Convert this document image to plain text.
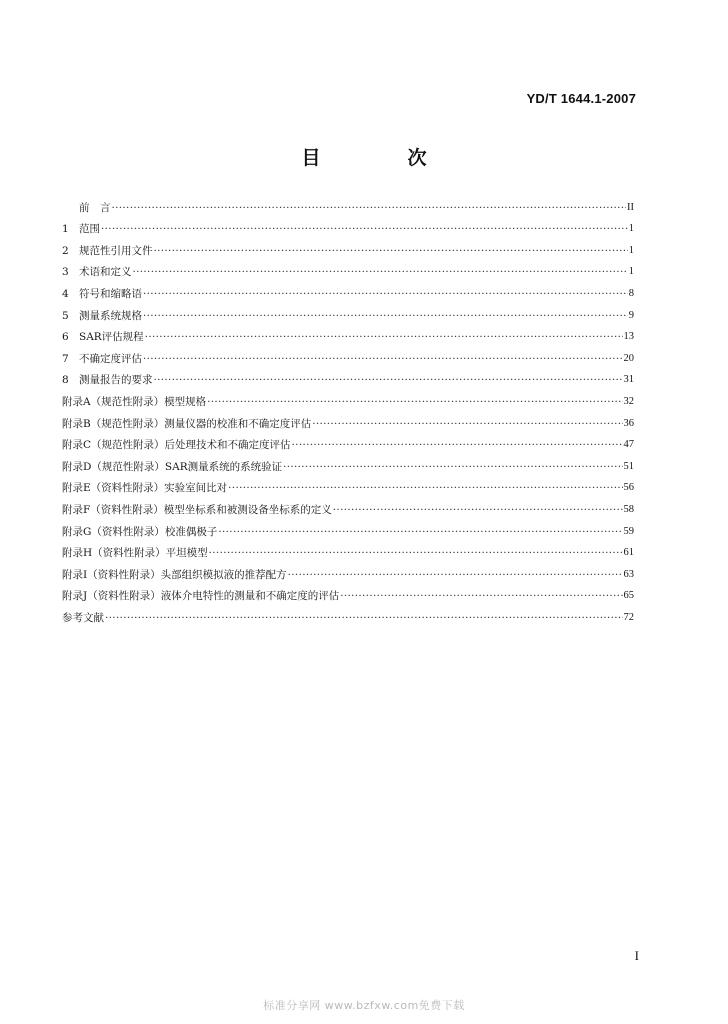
YD/T 1644.1-2007
目　次
前　言 ·····	II
1 范围 ·····	1
2 规范性引用文件 ·····	1
3 术语和定义 ·····	1
4 符号和缩略语 ·····	8
5 测量系统规格 ·····	9
6 SAR评估规程 ·····	13
7 不确定度评估 ·····	20
8 测量报告的要求 ·····	31
附录A（规范性附录）模型规格 ·····	32
附录B（规范性附录）测量仪器的校准和不确定度评估 ·····	36
附录C（规范性附录）后处理技术和不确定度评估 ·····	47
附录D（规范性附录）SAR测量系统的系统验证 ·····	51
附录E（资料性附录）实验室间比对 ·····	56
附录F（资料性附录）模型坐标系和被测设备坐标系的定义 ·····	58
附录G（资料性附录）校准偶极子 ·····	59
附录H（资料性附录）平坦模型 ·····	61
附录I（资料性附录）头部组织模拟液的推荐配方 ·····	63
附录J（资料性附录）液体介电特性的测量和不确定度的评估 ·····	65
参考文献 ·····	72
I
标准分享网 www.bzfxw.com免费下载
